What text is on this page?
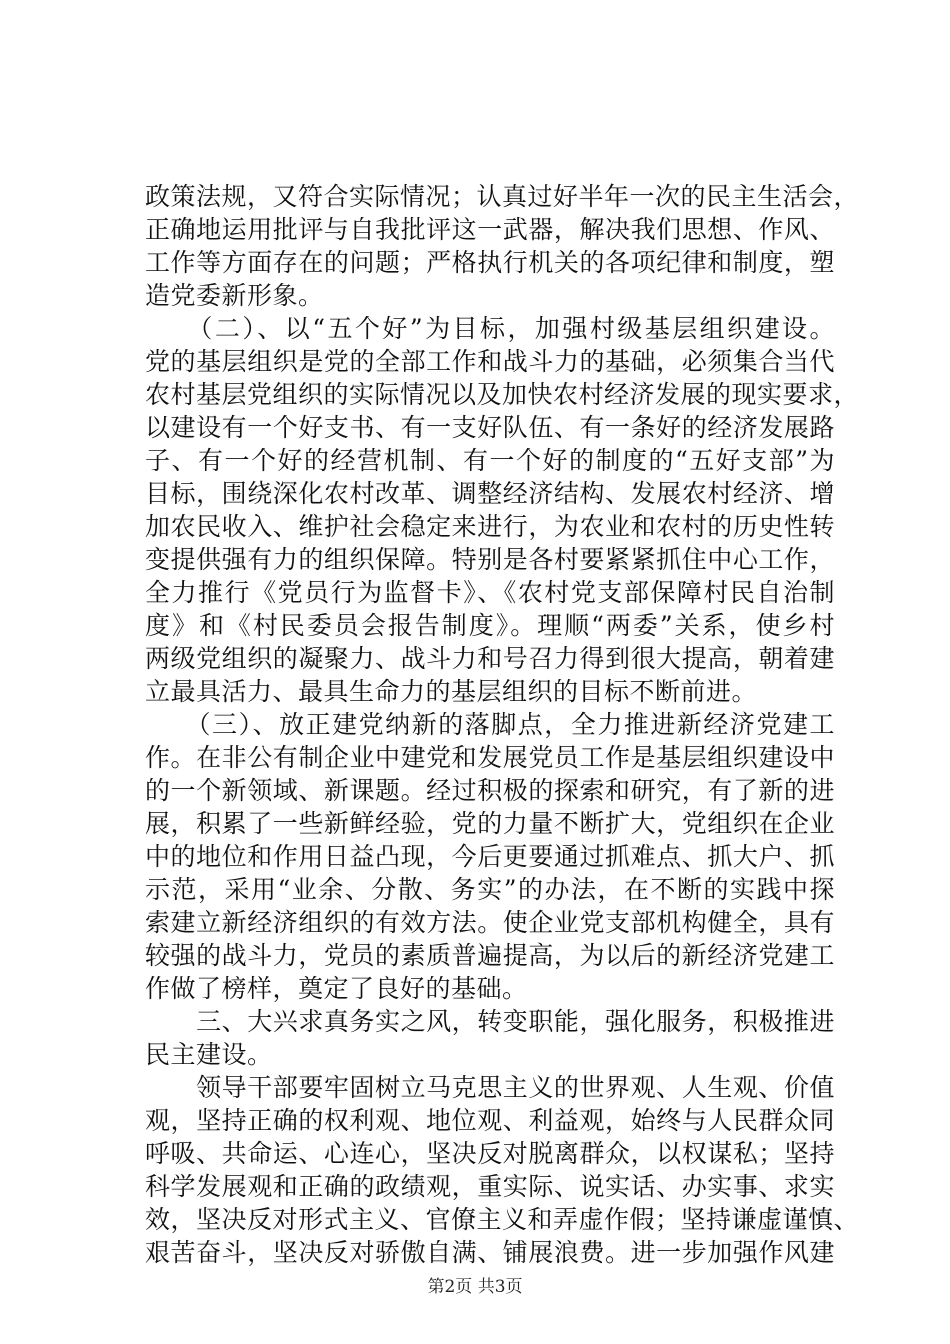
政策法规，又符合实际情况；认真过好半年一次的民主生活会，
正确地运用批评与自我批评这一武器，解决我们思想、作风、
工作等方面存在的问题；严格执行机关的各项纪律和制度，塑
造党委新形象。
　　（二）、以“五个好”为目标，加强村级基层组织建设。
党的基层组织是党的全部工作和战斗力的基础，必须集合当代
农村基层党组织的实际情况以及加快农村经济发展的现实要求，
以建设有一个好支书、有一支好队伍、有一条好的经济发展路
子、有一个好的经营机制、有一个好的制度的“五好支部”为
目标，围绕深化农村改革、调整经济结构、发展农村经济、增
加农民收入、维护社会稳定来进行，为农业和农村的历史性转
变提供强有力的组织保障。特别是各村要紧紧抓住中心工作，
全力推行《党员行为监督卡》、《农村党支部保障村民自治制
度》和《村民委员会报告制度》。理顺“两委”关系，使乡村
两级党组织的凝聚力、战斗力和号召力得到很大提高，朝着建
立最具活力、最具生命力的基层组织的目标不断前进。
　　（三）、放正建党纳新的落脚点，全力推进新经济党建工
作。在非公有制企业中建党和发展党员工作是基层组织建设中
的一个新领域、新课题。经过积极的探索和研究，有了新的进
展，积累了一些新鲜经验，党的力量不断扩大，党组织在企业
中的地位和作用日益凸现，今后更要通过抓难点、抓大户、抓
示范，采用“业余、分散、务实”的办法，在不断的实践中探
索建立新经济组织的有效方法。使企业党支部机构健全，具有
较强的战斗力，党员的素质普遍提高，为以后的新经济党建工
作做了榜样，奠定了良好的基础。
　　三、大兴求真务实之风，转变职能，强化服务，积极推进
民主建设。
　　领导干部要牢固树立马克思主义的世界观、人生观、价值
观，坚持正确的权利观、地位观、利益观，始终与人民群众同
呼吸、共命运、心连心，坚决反对脱离群众，以权谋私；坚持
科学发展观和正确的政绩观，重实际、说实话、办实事、求实
效，坚决反对形式主义、官僚主义和弄虚作假；坚持谦虚谨慎、
艰苦奋斗，坚决反对骄傲自满、铺展浪费。进一步加强作风建
第2页 共3页
